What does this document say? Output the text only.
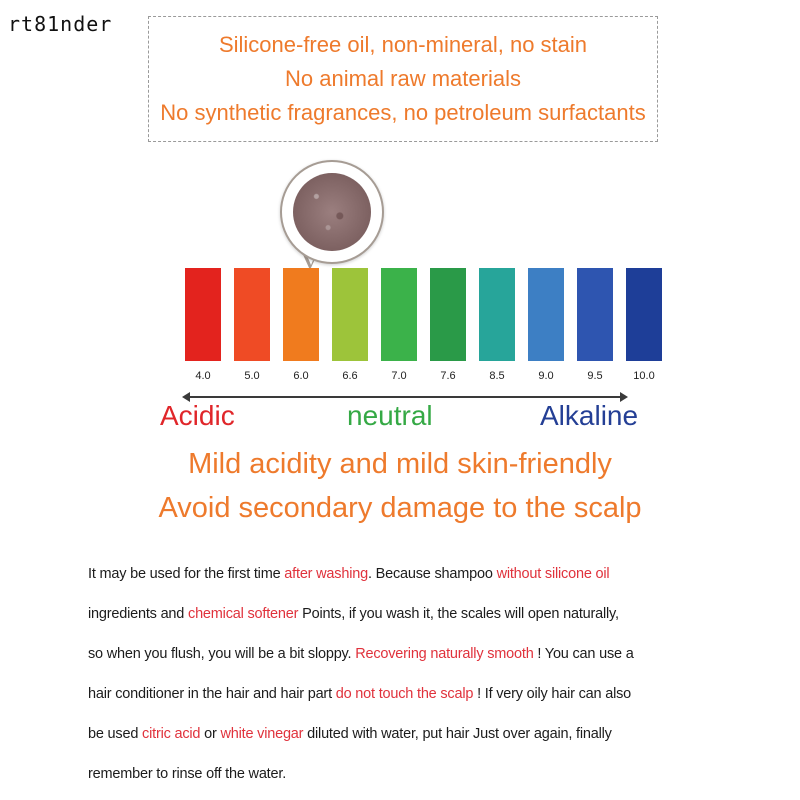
rt81nder
Silicone-free oil, non-mineral, no stain
No animal raw materials
No synthetic fragrances, no petroleum surfactants
4.0	5.0	6.0	6.6	7.0	7.6	8.5	9.0	9.5	10.0
Acidic	neutral	Alkaline
Mild acidity and mild skin-friendly
Avoid secondary damage to the scalp
It may be used for the first time after washing. Because shampoo without silicone oil
ingredients and chemical softener Points, if you wash it, the scales will open naturally,
so when you flush, you will be a bit sloppy. Recovering naturally smooth ! You can use a
hair conditioner in the hair and hair part do not touch the scalp ! If very oily hair can also
be used citric acid or white vinegar diluted with water, put hair Just over again, finally
remember to rinse off the water.
